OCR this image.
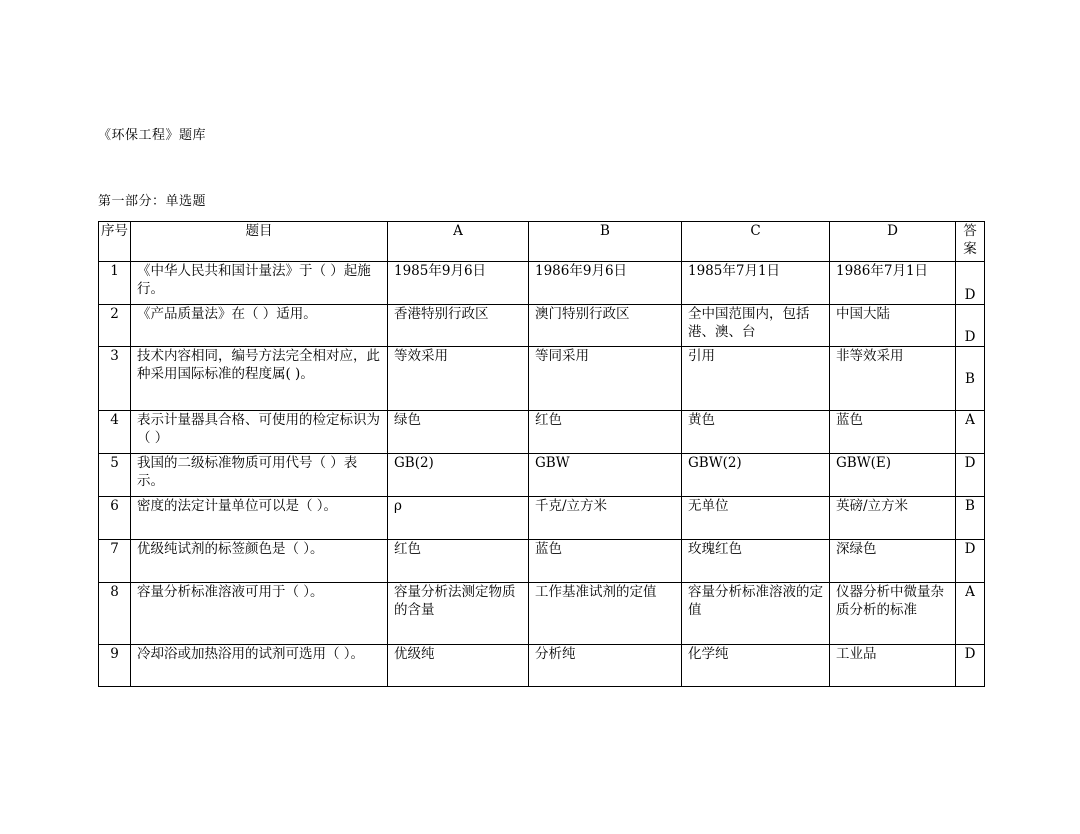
《环保工程》题库
第一部分：单选题
序号	题目	A	B	C	D	答案
1	《中华人民共和国计量法》于（ ）起施行。	1985年9月6日	1986年9月6日	1985年7月1日	1986年7月1日	D
2	《产品质量法》在（ ）适用。	香港特别行政区	澳门特别行政区	全中国范围内，包括港、澳、台	中国大陆	D
3	技术内容相同，编号方法完全相对应，此种采用国际标准的程度属( )。	等效采用	等同采用	引用	非等效采用	B
4	表示计量器具合格、可使用的检定标识为（ ）	绿色	红色	黄色	蓝色	A
5	我国的二级标准物质可用代号（ ）表示。	GB(2)	GBW	GBW(2)	GBW(E)	D
6	密度的法定计量单位可以是（ ）。	ρ	千克/立方米	无单位	英磅/立方米	B
7	优级纯试剂的标签颜色是（ ）。	红色	蓝色	玫瑰红色	深绿色	D
8	容量分析标准溶液可用于（ ）。	容量分析法测定物质的含量	工作基准试剂的定值	容量分析标准溶液的定值	仪器分析中微量杂质分析的标准	A
9	冷却浴或加热浴用的试剂可选用（ ）。	优级纯	分析纯	化学纯	工业品	D
